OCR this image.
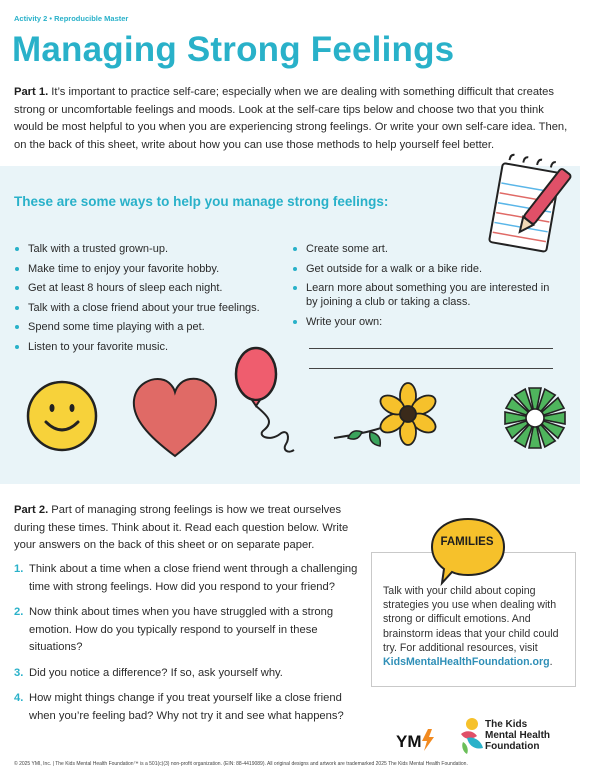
Activity 2 • Reproducible Master
Managing Strong Feelings
Part 1. It’s important to practice self-care; especially when we are dealing with something difficult that creates strong or uncomfortable feelings and moods. Look at the self-care tips below and choose two that you think would be most helpful to you when you are experiencing strong feelings. Or write your own self-care idea. Then, on the back of this sheet, write about how you can use those methods to help yourself feel better.
These are some ways to help you manage strong feelings:
Talk with a trusted grown-up.
Make time to enjoy your favorite hobby.
Get at least 8 hours of sleep each night.
Talk with a close friend about your true feelings.
Spend some time playing with a pet.
Listen to your favorite music.
Create some art.
Get outside for a walk or a bike ride.
Learn more about something you are interested in by joining a club or taking a class.
Write your own:
Part 2. Part of managing strong feelings is how we treat ourselves during these times. Think about it. Read each question below. Write your answers on the back of this sheet or on separate paper.
1. Think about a time when a close friend went through a challenging time with strong feelings. How did you respond to your friend?
2. Now think about times when you have struggled with a strong emotion. How do you typically respond to yourself in these situations?
3. Did you notice a difference? If so, ask yourself why.
4. How might things change if you treat yourself like a close friend when you’re feeling bad? Why not try it and see what happens?
FAMILIES
Talk with your child about coping strategies you use when dealing with strong or difficult emotions. And brainstorm ideas that your child could try. For additional resources, visit KidsMentalHealthFoundation.org.
YM
The Kids
Mental Health
Foundation
© 2025 YMI, Inc. | The Kids Mental Health Foundation™ is a 501(c)(3) non-profit organization. (EIN: 88-4419089). All original designs and artwork are trademarked 2025 The Kids Mental Health Foundation.
